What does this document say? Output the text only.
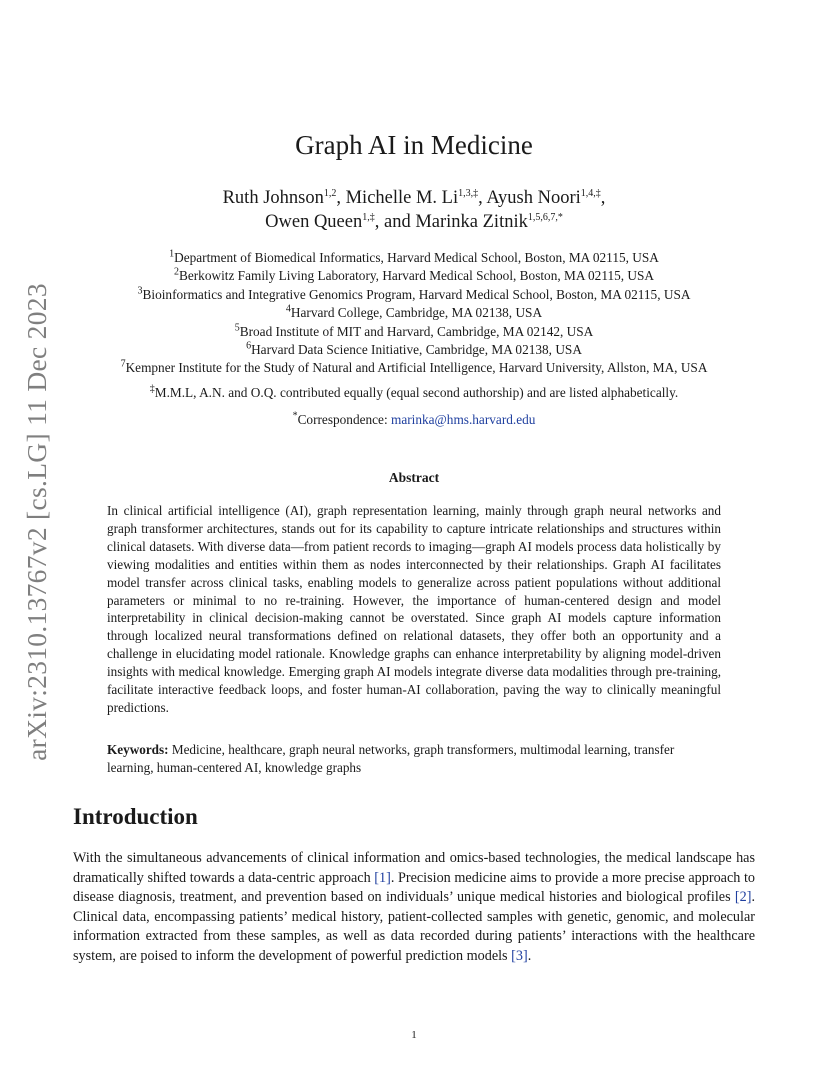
arXiv:2310.13767v2 [cs.LG] 11 Dec 2023
Graph AI in Medicine
Ruth Johnson$^{1,2}$, Michelle M. $Li^{1,3,\ddagger}$, Ayush Noori$^{1,4,\ddagger}$,
Owen Queen$^{1,\ddagger}$, and Marinka Zitnik$^{1,5,6,7,*}$
$^1$Department of Biomedical Informatics, Harvard Medical School, Boston, MA 02115, USA
$^2$Berkowitz Family Living Laboratory, Harvard Medical School, Boston, MA 02115, USA
$^3$Bioinformatics and Integrative Genomics Program, Harvard Medical School, Boston, MA 02115, USA
$^4$Harvard College, Cambridge, MA 02138, USA
$^5$Broad Institute of MIT and Harvard, Cambridge, MA 02142, USA
$^6$Harvard Data Science Initiative, Cambridge, MA 02138, USA
$^7$Kempner Institute for the Study of Natural and Artificial Intelligence, Harvard University, Allston, MA, USA
‡M.M.L, A.N. and O.Q. contributed equally (equal second authorship) and are listed alphabetically.
*Correspondence: marinka@hms.harvard.edu
Abstract
In clinical artificial intelligence (AI), graph representation learning, mainly through graph neural networks and graph transformer architectures, stands out for its capability to capture intricate relationships and structures within clinical datasets. With diverse data—from patient records to imaging—graph AI models process data holistically by viewing modalities and entities within them as nodes interconnected by their relationships. Graph AI facilitates model transfer across clinical tasks, enabling models to generalize across patient populations without additional parameters or minimal to no re-training. However, the importance of human-centered design and model interpretability in clinical decision-making cannot be overstated. Since graph AI models capture information through localized neural transformations defined on relational datasets, they offer both an opportunity and a challenge in elucidating model rationale. Knowledge graphs can enhance interpretability by aligning model-driven insights with medical knowledge. Emerging graph AI models integrate diverse data modalities through pre-training, facilitate interactive feedback loops, and foster human-AI collaboration, paving the way to clinically meaningful predictions.
Keywords: Medicine, healthcare, graph neural networks, graph transformers, multimodal learning, transfer learning, human-centered AI, knowledge graphs
Introduction
With the simultaneous advancements of clinical information and omics-based technologies, the medical landscape has dramatically shifted towards a data-centric approach [1]. Precision medicine aims to provide a more precise approach to disease diagnosis, treatment, and prevention based on individuals’ unique medical histories and biological profiles [2]. Clinical data, encompassing patients’ medical history, patient-collected samples with genetic, genomic, and molecular information extracted from these samples, as well as data recorded during patients’ interactions with the healthcare system, are poised to inform the development of powerful prediction models [3].
1
